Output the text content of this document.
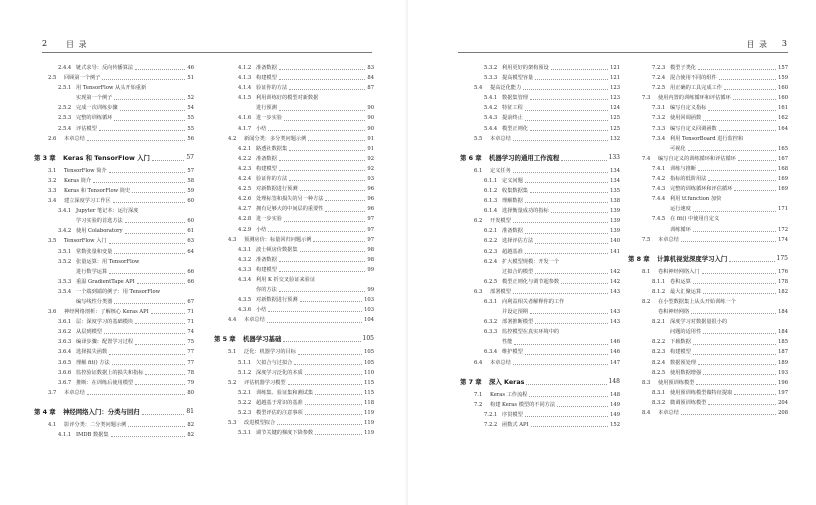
2 目 录
2.4.4 链式求导：反向传播算法	46
2.5 回顾第一个例子	51
2.5.1 用 TensorFlow 从头开始重新
实现第一个例子	52
2.5.2 完成一次训练步骤	54
2.5.3 完整的训练循环	55
2.5.4 评估模型	55
2.6 本章总结	56
第 3 章 Keras 和 TensorFlow 入门	57
3.1 TensorFlow 简介	57
3.2 Keras 简介	58
3.3 Keras 和 TensorFlow 简史	59
3.4 建立深度学习工作区	60
3.4.1 Jupyter 笔记本：运行深度
学习实验的首选方法	60
3.4.2 使用 Colaboratory	61
3.5 TensorFlow 入门	63
3.5.1 常数张量和变量	64
3.5.2 张量运算：用 TensorFlow
进行数学运算	66
3.5.3 重温 GradientTape API	66
3.5.4 一个端到端的例子：用 TensorFlow
编写线性分类器	67
3.6 神经网络剖析：了解核心 Keras API	71
3.6.1 层：深度学习的基础模块	71
3.6.2 从层到模型	74
3.6.3 编译步骤：配置学习过程	75
3.6.4 选择损失函数	77
3.6.5 理解 fit() 方法	77
3.6.6 监控验证数据上的损失和指标	78
3.6.7 推断：在训练后使用模型	79
3.7 本章总结	80
第 4 章 神经网络入门：分类与回归	81
4.1 影评分类：二分类问题示例	82
4.1.1 IMDB 数据集	82
4.1.2 准备数据	83
4.1.3 构建模型	84
4.1.4 验证你的方法	87
4.1.5 利用训练好的模型对新数据
进行预测	90
4.1.6 进一步实验	90
4.1.7 小结	90
4.2 新闻分类：多分类问题示例	91
4.2.1 路透社数据集	91
4.2.2 准备数据	92
4.2.3 构建模型	92
4.2.4 验证你的方法	93
4.2.5 对新数据进行预测	96
4.2.6 处理标签和损失的另一种方法	96
4.2.7 拥有足够大的中间层的重要性	96
4.2.8 进一步实验	97
4.2.9 小结	97
4.3 预测房价：标量回归问题示例	97
4.3.1 波士顿房价数据集	98
4.3.2 准备数据	98
4.3.3 构建模型	99
4.3.4 利用 K 折交叉验证来验证
你的方法	99
4.3.5 对新数据进行预测	103
4.3.6 小结	103
4.4 本章总结	104
第 5 章 机器学习基础	105
5.1 泛化：机器学习的目标	105
5.1.1 欠拟合与过拟合	105
5.1.2 深度学习泛化的本质	110
5.2 评估机器学习模型	115
5.2.1 训练集、验证集和测试集	115
5.2.2 超越基于常识的基准	118
5.2.3 模型评估的注意事项	119
5.3 改进模型拟合	119
5.3.1 调节关键的梯度下降参数	119
3
目 录
5.3.2 利用更好的架构预设	121
5.3.3 提高模型容量	121
5.4 提高泛化能力	123
5.4.1 数据集管理	123
5.4.2 特征工程	124
5.4.3 提前终止	125
5.4.4 模型正则化	125
5.5 本章总结	132
第 6 章 机器学习的通用工作流程	133
6.1 定义任务	134
6.1.1 定义问题	134
6.1.2 收集数据集	135
6.1.3 理解数据	138
6.1.4 选择衡量成功的指标	139
6.2 开发模型	139
6.2.1 准备数据	139
6.2.2 选择评估方法	140
6.2.3 超越基准	141
6.2.4 扩大模型规模：开发一个
过拟合的模型	142
6.2.5 模型正则化与调节超参数	142
6.3 部署模型	143
6.3.1 向利益相关者解释你的工作
并设定预期	143
6.3.2 部署推断模型	143
6.3.3 监控模型在真实环境中的
性能	146
6.3.4 维护模型	146
6.4 本章总结	147
第 7 章 深入 Keras	148
7.1 Keras 工作流程	148
7.2 构建 Keras 模型的不同方法	149
7.2.1 序贯模型	149
7.2.2 函数式 API	152
7.2.3 模型子类化	157
7.2.4 混合使用不同的组件	159
7.2.5 用正确的工具完成工作	160
7.3 使用内置的训练循环和评估循环	160
7.3.1 编写自定义指标	161
7.3.2 使用回调函数	162
7.3.3 编写自定义回调函数	164
7.3.4 利用 TensorBoard 进行监控和
可视化	165
7.4 编写自定义的训练循环和评估循环	167
7.4.1 训练与推断	168
7.4.2 指标的低阶用法	169
7.4.3 完整的训练循环和评估循环	169
7.4.4 利用 tf.function 加快
运行速度	171
7.4.5 在 fit() 中使用自定义
训练循环	172
7.5 本章总结	174
第 8 章 计算机视觉深度学习入门	175
8.1 卷积神经网络入门	176
8.1.1 卷积运算	178
8.1.2 最大汇聚运算	182
8.2 在小型数据集上从头开始训练一个
卷积神经网络	184
8.2.1 深度学习对数据量很小的
问题的适用性	184
8.2.2 下载数据	185
8.2.3 构建模型	187
8.2.4 数据预处理	189
8.2.5 使用数据增强	193
8.3 使用预训练模型	196
8.3.1 使用预训练模型做特征提取	197
8.3.2 微调预训练模型	204
8.4 本章总结	208
